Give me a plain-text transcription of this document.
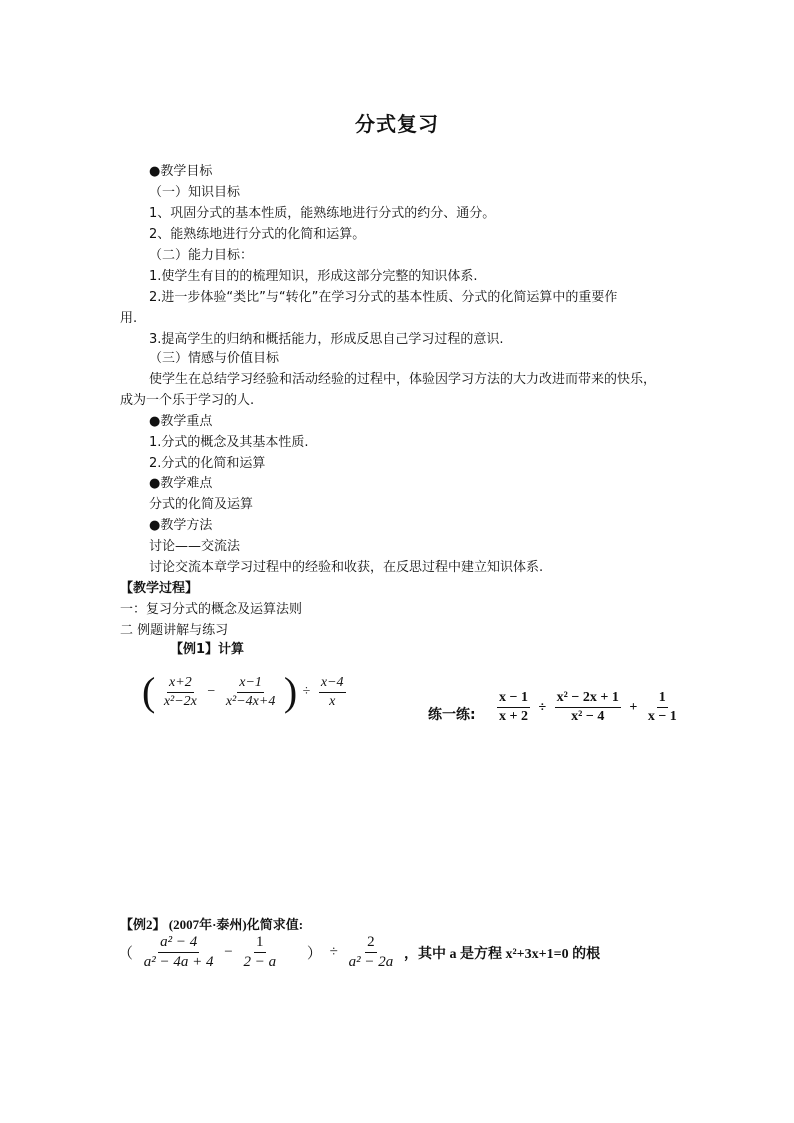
分式复习
●教学目标
（一）知识目标
1、巩固分式的基本性质，能熟练地进行分式的约分、通分。
2、能熟练地进行分式的化简和运算。
（二）能力目标：
1.使学生有目的的梳理知识，形成这部分完整的知识体系.
2.进一步体验“类比”与“转化”在学习分式的基本性质、分式的化简运算中的重要作
用.
3.提高学生的归纳和概括能力，形成反思自己学习过程的意识.
（三）情感与价值目标
使学生在总结学习经验和活动经验的过程中，体验因学习方法的大力改进而带来的快乐，
成为一个乐于学习的人.
●教学重点
1.分式的概念及其基本性质.
2.分式的化简和运算
●教学难点
分式的化简及运算
●教学方法
讨论——交流法
讨论交流本章学习过程中的经验和收获，在反思过程中建立知识体系.
【教学过程】
一：复习分式的概念及运算法则
二 例题讲解与练习
【例1】计算
( $\frac{x+2}{\text{x²−2x}} - \frac{x-1}{\text{x²−4x+4}}$ ) ÷ $\frac{x-4}{x}$
练一练: $\frac{x - 1}{x + 2} \div \frac{\text{x² − 2x + 1}}{\text{x² − 4}} + \frac{1}{x - 1}$
【例2】 (2007年·泰州)化简求值:
（ $\frac{\text{a² − 4}}{\text{a² − 4a + 4}} - \frac{1}{2 - a}$ ） ÷ $\frac{2}{\text{a² − 2a}}$ ，其中 a 是方程 x²+3x+1=0 的根
